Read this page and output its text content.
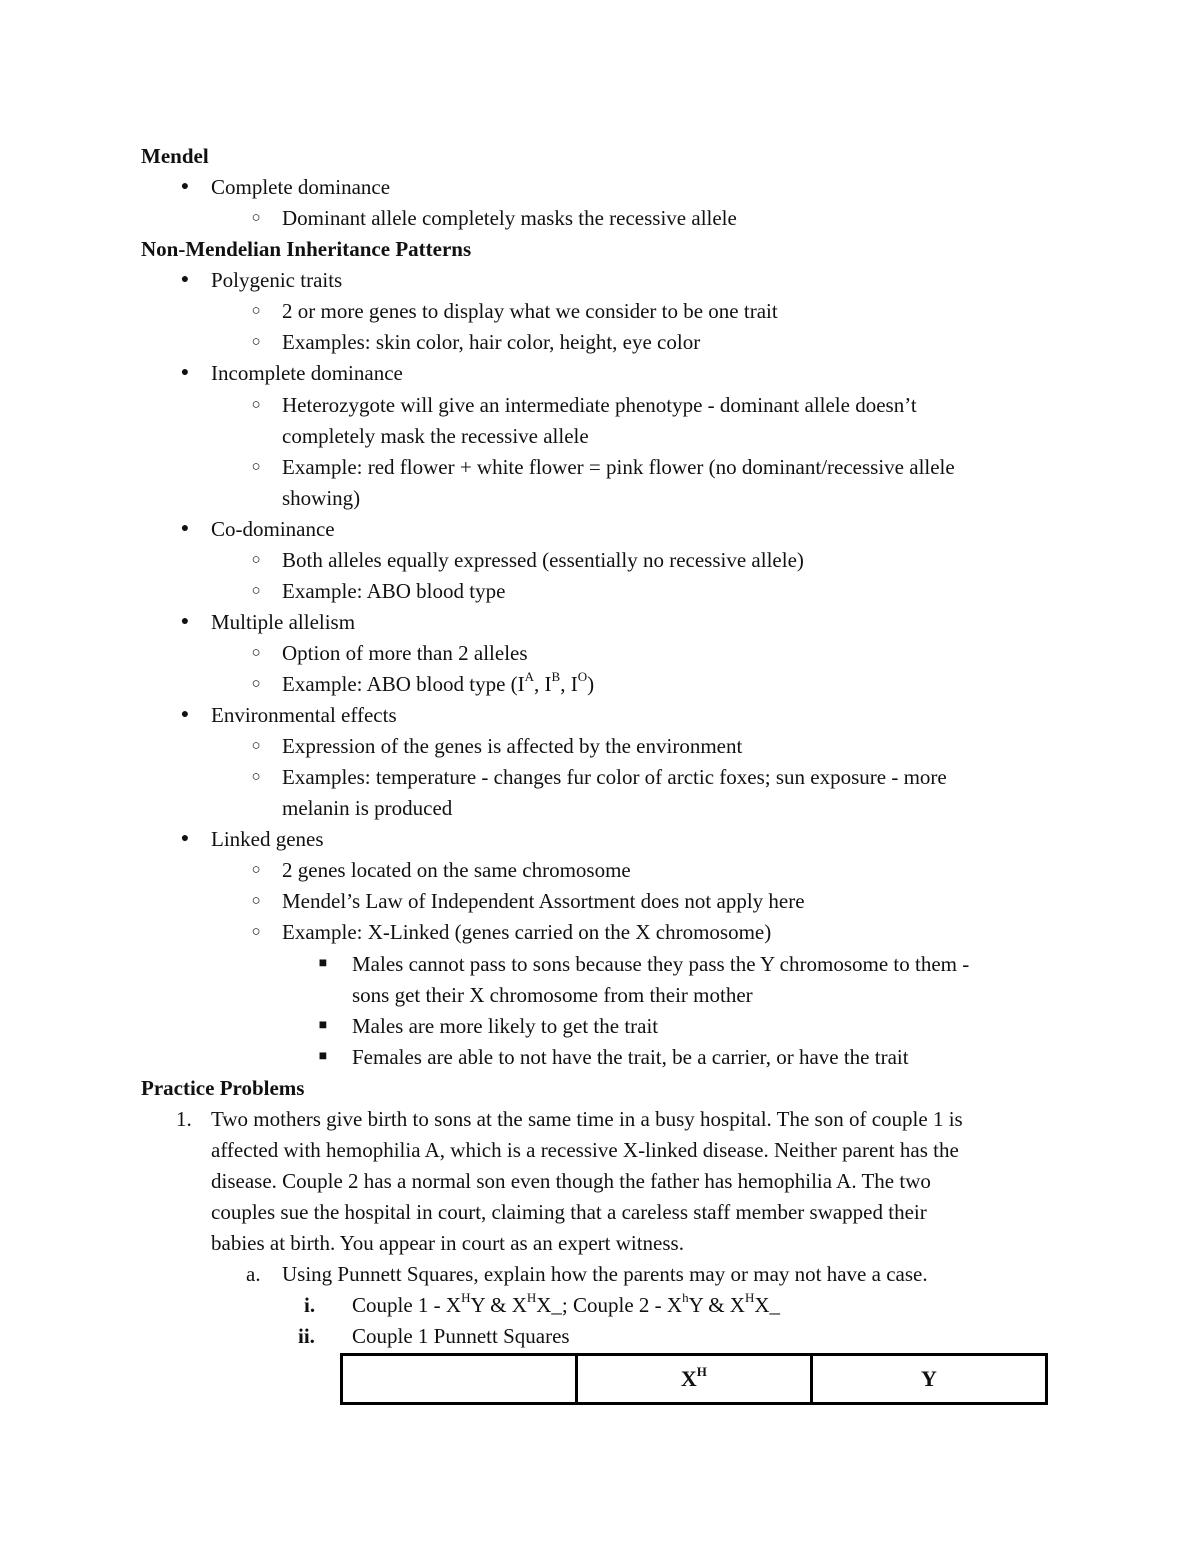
Mendel
● Complete dominance
○ Dominant allele completely masks the recessive allele
Non-Mendelian Inheritance Patterns
● Polygenic traits
○ 2 or more genes to display what we consider to be one trait
○ Examples: skin color, hair color, height, eye color
● Incomplete dominance
○ Heterozygote will give an intermediate phenotype - dominant allele doesn’t
completely mask the recessive allele
○ Example: red flower + white flower = pink flower (no dominant/recessive allele
showing)
● Co-dominance
○ Both alleles equally expressed (essentially no recessive allele)
○ Example: ABO blood type
● Multiple allelism
○ Option of more than 2 alleles
○ Example: ABO blood type ($I^A$, $I^B$, $I^O$)
● Environmental effects
○ Expression of the genes is affected by the environment
○ Examples: temperature - changes fur color of arctic foxes; sun exposure - more
melanin is produced
● Linked genes
○ 2 genes located on the same chromosome
○ Mendel’s Law of Independent Assortment does not apply here
○ Example: X-Linked (genes carried on the X chromosome)
■ Males cannot pass to sons because they pass the Y chromosome to them -
sons get their X chromosome from their mother
■ Males are more likely to get the trait
■ Females are able to not have the trait, be a carrier, or have the trait
Practice Problems
1. Two mothers give birth to sons at the same time in a busy hospital. The son of couple 1 is
affected with hemophilia A, which is a recessive X-linked disease. Neither parent has the
disease. Couple 2 has a normal son even though the father has hemophilia A. The two
couples sue the hospital in court, claiming that a careless staff member swapped their
babies at birth. You appear in court as an expert witness.
a. Using Punnett Squares, explain how the parents may or may not have a case.
i. Couple $1 - X^HY$ & $X^HX\_$; Couple $2 - X^hY$ & $X^HX\_$
ii. Couple 1 Punnett Squares
	$X^H$	Y
